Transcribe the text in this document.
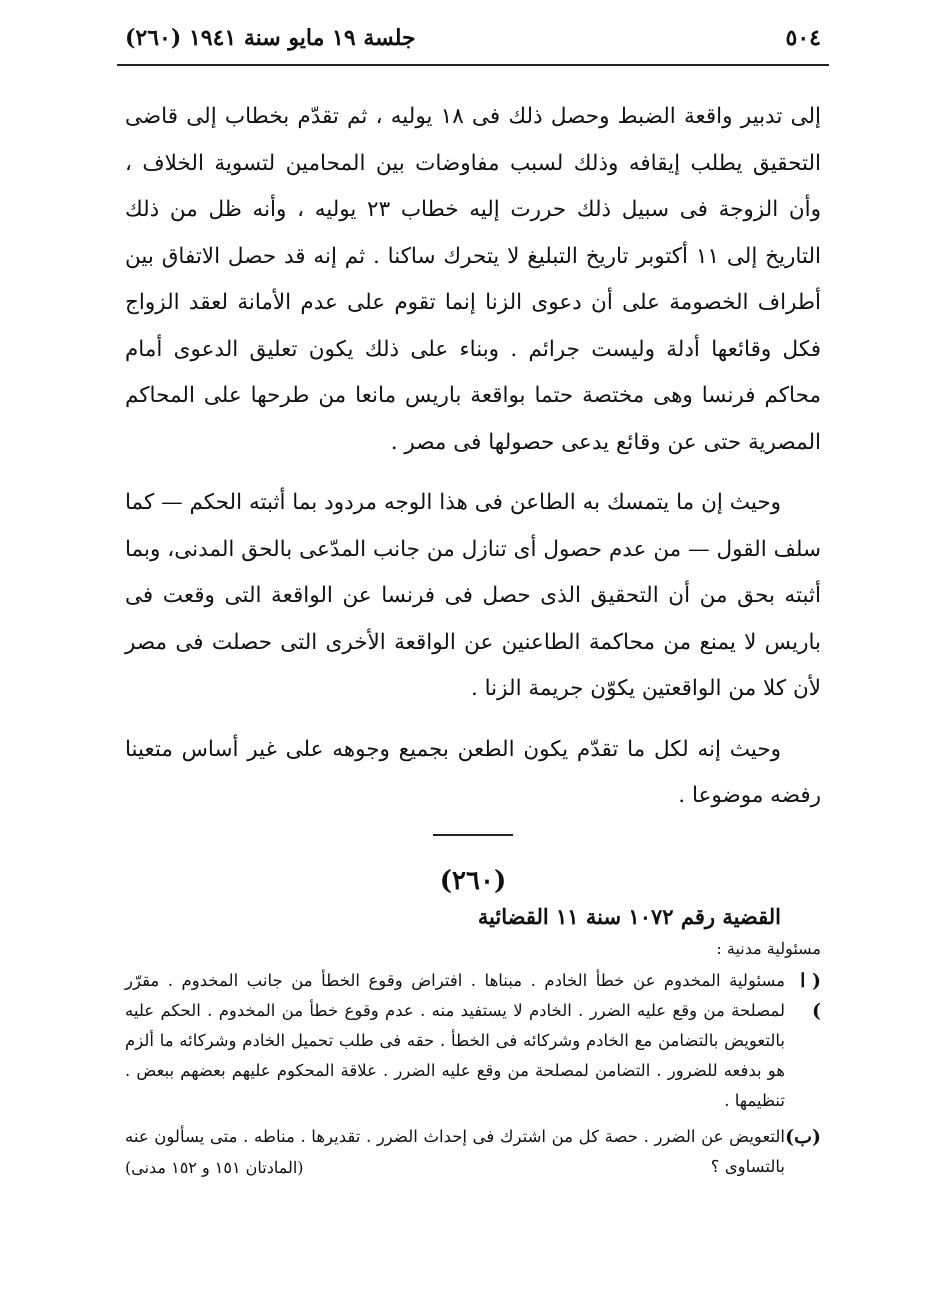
٥٠٤
جلسة ١٩ مايو سنة ١٩٤١ (٢٦٠)

إلى تدبير واقعة الضبط وحصل ذلك فى ١٨ يوليه ، ثم تقدّم بخطاب إلى قاضى التحقيق يطلب إيقافه وذلك لسبب مفاوضات بين المحامين لتسوية الخلاف ، وأن الزوجة فى سبيل ذلك حررت إليه خطاب ٢٣ يوليه ، وأنه ظل من ذلك التاريخ إلى ١١ أكتوبر تاريخ التبليغ لا يتحرك ساكنا . ثم إنه قد حصل الاتفاق بين أطراف الخصومة على أن دعوى الزنا إنما تقوم على عدم الأمانة لعقد الزواج فكل وقائعها أدلة وليست جرائم . وبناء على ذلك يكون تعليق الدعوى أمام محاكم فرنسا وهى مختصة حتما بواقعة باريس مانعا من طرحها على المحاكم المصرية حتى عن وقائع يدعى حصولها فى مصر .

وحيث إن ما يتمسك به الطاعن فى هذا الوجه مردود بما أثبته الحكم — كما سلف القول — من عدم حصول أى تنازل من جانب المدّعى بالحق المدنى، وبما أثبته بحق من أن التحقيق الذى حصل فى فرنسا عن الواقعة التى وقعت فى باريس لا يمنع من محاكمة الطاعنين عن الواقعة الأخرى التى حصلت فى مصر لأن كلا من الواقعتين يكوّن جريمة الزنا .

وحيث إنه لكل ما تقدّم يكون الطعن بجميع وجوهه على غير أساس متعينا رفضه موضوعا .

(٢٦٠)
القضية رقم ١٠٧٢ سنة ١١ القضائية
مسئولية مدنية :
( ا )
مسئولية المخدوم عن خطأ الخادم . مبناها . افتراض وقوع الخطأ من جانب المخدوم . مقرّر لمصلحة من وقع عليه الضرر . الخادم لا يستفيد منه . عدم وقوع خطأ من المخدوم . الحكم عليه بالتعويض بالتضامن مع الخادم وشركائه فى الخطأ . حقه فى طلب تحميل الخادم وشركائه ما ألزم هو بدفعه للضرور . التضامن لمصلحة من وقع عليه الضرر . علاقة المحكوم عليهم بعضهم ببعض . تنظيمها .
(ب)
التعويض عن الضرر . حصة كل من اشترك فى إحداث الضرر . تقديرها . مناطه . متى يسألون عنه بالتساوى ؟
(المادتان ١٥١ و ١٥٢ مدنى)
